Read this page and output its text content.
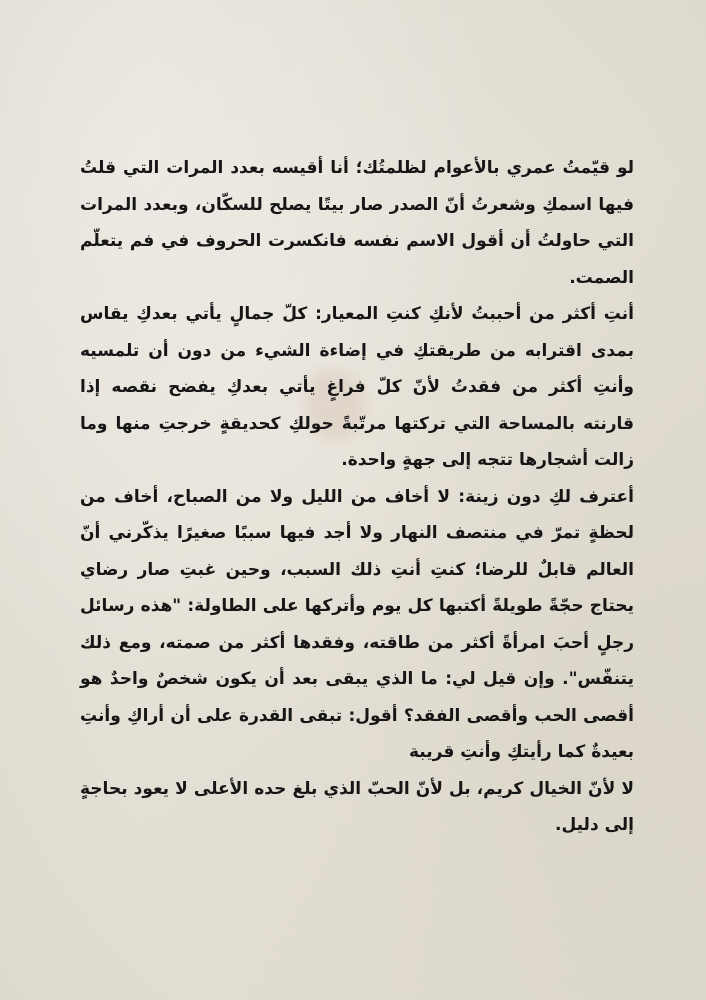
لو قيّمتُ عمري بالأعوام لظلمتُك؛ أنا أقيسه بعدد المرات التي قلتُ فيها اسمكِ وشعرتُ أنّ الصدر صار بيتًا يصلح للسكّان، وبعدد المرات التي حاولتُ أن أقول الاسم نفسه فانكسرت الحروف في فم يتعلّم الصمت.

أنتِ أكثر من أحببتُ لأنكِ كنتِ المعيار: كلّ جمالٍ يأتي بعدكِ يقاس بمدى اقترابه من طريقتكِ في إضاءة الشيء من دون أن تلمسيه وأنتِ أكثر من فقدتُ لأنّ كلّ فراغٍ يأتي بعدكِ يفضح نقصه إذا قارنته بالمساحة التي تركتها مرتّبةً حولكِ كحديقةٍ خرجتِ منها وما زالت أشجارها تتجه إلى جهةٍ واحدة.

أعترف لكِ دون زينة: لا أخاف من الليل ولا من الصباح، أخاف من لحظةٍ تمرّ في منتصف النهار ولا أجد فيها سببًا صغيرًا يذكّرني أنّ العالم قابلٌ للرضا؛ كنتِ أنتِ ذلك السبب، وحين غبتِ صار رضاي يحتاج حجّةً طويلةً أكتبها كل يوم وأتركها على الطاولة: "هذه رسائل رجلٍ أحبَ امرأةً أكثر من طاقته، وفقدها أكثر من صمته، ومع ذلك يتنفّس". وإن قيل لي: ما الذي يبقى بعد أن يكون شخصٌ واحدٌ هو أقصى الحب وأقصى الفقد؟ أقول: تبقى القدرة على أن أراكِ وأنتِ بعيدةٌ كما رأيتكِ وأنتِ قريبة

لا لأنّ الخيال كريم، بل لأنّ الحبّ الذي بلغ حده الأعلى لا يعود بحاجةٍ إلى دليل.
